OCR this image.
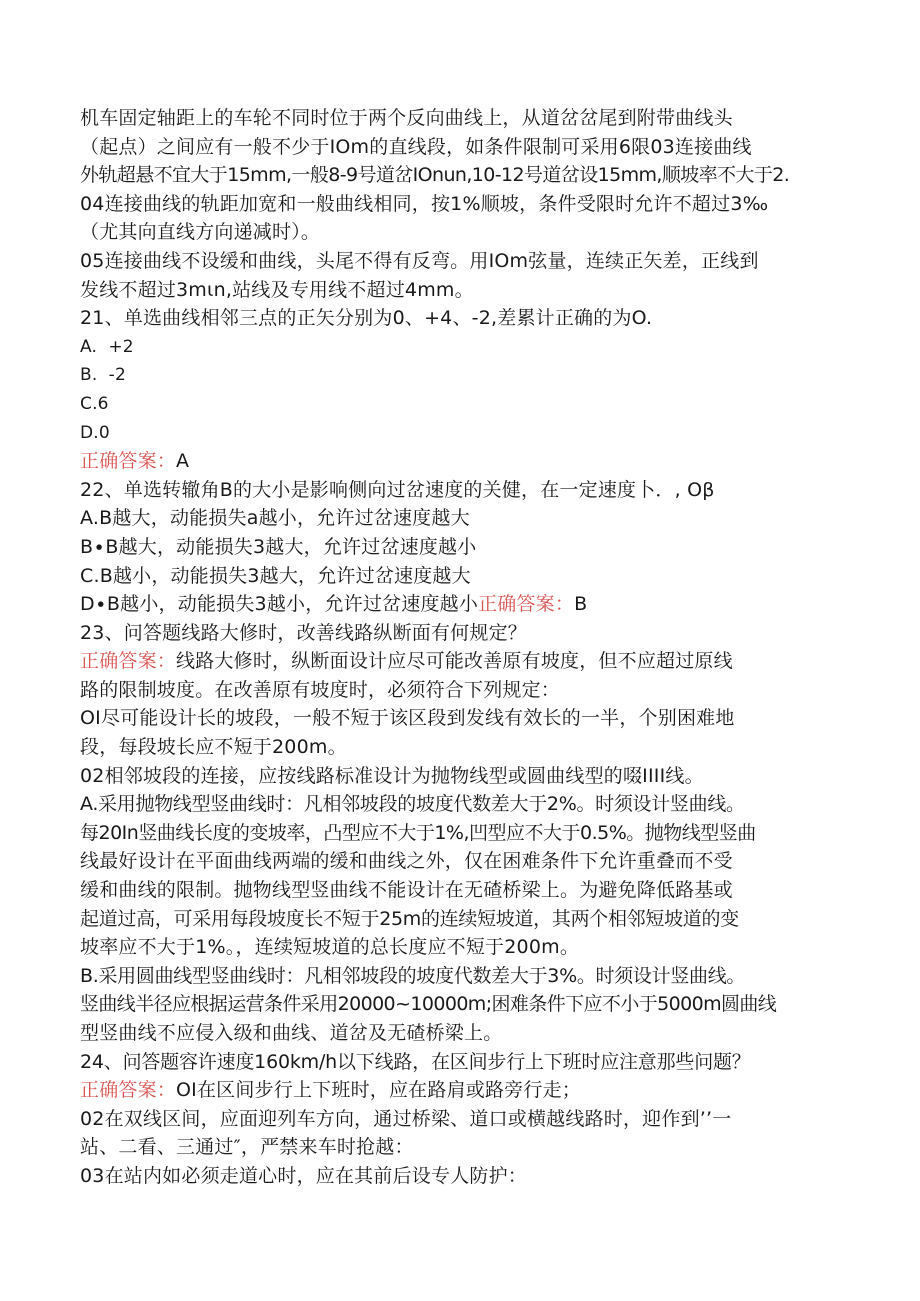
机车固定轴距上的车轮不同时位于两个反向曲线上，从道岔岔尾到附带曲线头
（起点）之间应有一般不少于IOm的直线段，如条件限制可采用6限03连接曲线
外轨超悬不宜大于15mm,一般8-9号道岔IOnun,10-12号道岔设15mm,顺坡率不大于2.
04连接曲线的轨距加宽和一般曲线相同，按1%顺坡，条件受限时允许不超过3‰
（尤其向直线方向递减时）。
05连接曲线不设缓和曲线，头尾不得有反弯。用IOm弦量，连续正矢差，正线到
发线不超过3mιn,站线及专用线不超过4mm。
21、单选曲线相邻三点的正矢分别为0、+4、-2,差累计正确的为O.
A.  +2
B.  -2
C.6
D.0
正确答案：A
22、单选转辙角B的大小是影响侧向过岔速度的关健，在一定速度卜．, Oβ
A.B越大，动能损失a越小，允许过岔速度越大
B∙B越大，动能损失3越大，允许过岔速度越小
C.B越小，动能损失3越大，允许过岔速度越大
D∙B越小，动能损失3越小，允许过岔速度越小正确答案：B
23、问答题线路大修时，改善线路纵断面有何规定？
正确答案：线路大修时，纵断面设计应尽可能改善原有坡度，但不应超过原线
路的限制坡度。在改善原有坡度时，必须符合下列规定：
OI尽可能设计长的坡段，一般不短于该区段到发线有效长的一半，个别困难地
段，每段坡长应不短于200m。
02相邻坡段的连接，应按线路标准设计为抛物线型或圆曲线型的啜IIII线。
A.采用抛物线型竖曲线时：凡相邻坡段的坡度代数差大于2%。时须设计竖曲线。
每20In竖曲线长度的变坡率，凸型应不大于1%,凹型应不大于0.5%。抛物线型竖曲
线最好设计在平面曲线两端的缓和曲线之外，仅在困难条件下允许重叠而不受
缓和曲线的限制。抛物线型竖曲线不能设计在无碴桥梁上。为避免降低路基或
起道过高，可采用每段坡度长不短于25m的连续短坡道，其两个相邻短坡道的变
坡率应不大于1%。，连续短坡道的总长度应不短于200m。
B.采用圆曲线型竖曲线时：凡相邻坡段的坡度代数差大于3%。时须设计竖曲线。
竖曲线半径应根据运营条件采用20000~10000m;困难条件下应不小于5000m圆曲线
型竖曲线不应侵入级和曲线、道岔及无碴桥梁上。
24、问答题容许速度160km∕h以下线路，在区间步行上下班时应注意那些问题？
正确答案：OI在区间步行上下班时，应在路肩或路旁行走；
02在双线区间，应面迎列车方向，通过桥梁、道口或横越线路时，迎作到’’一
站、二看、三通过″，严禁来车时抢越：
03在站内如必须走道心时，应在其前后设专人防护：
